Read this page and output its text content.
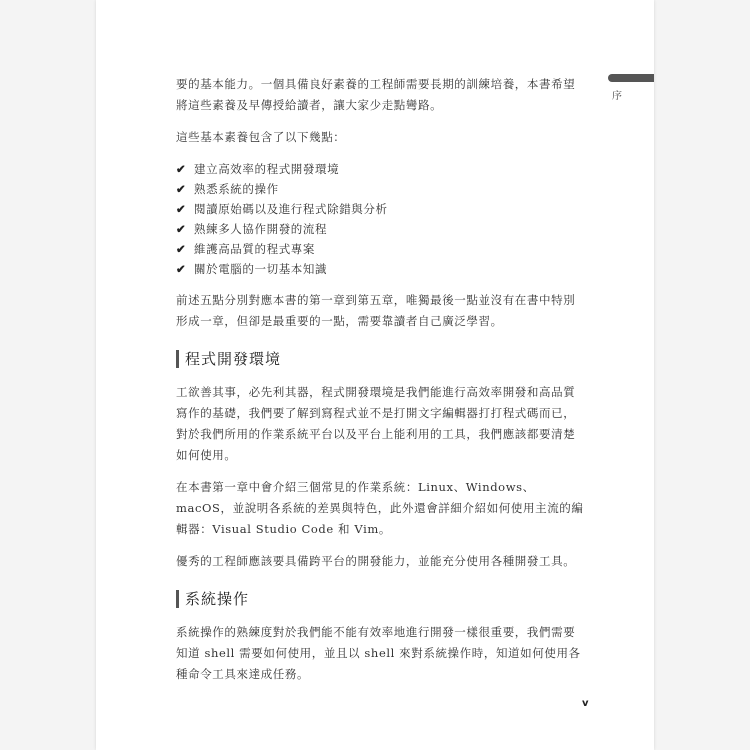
序

要的基本能力。一個具備良好素養的工程師需要長期的訓練培養，本書希望將這些素養及早傳授給讀者，讓大家少走點彎路。

這些基本素養包含了以下幾點：

✔ 建立高效率的程式開發環境
✔ 熟悉系統的操作
✔ 閱讀原始碼以及進行程式除錯與分析
✔ 熟練多人協作開發的流程
✔ 維護高品質的程式專案
✔ 關於電腦的一切基本知識

前述五點分別對應本書的第一章到第五章，唯獨最後一點並沒有在書中特別形成一章，但卻是最重要的一點，需要靠讀者自己廣泛學習。

程式開發環境

工欲善其事，必先利其器，程式開發環境是我們能進行高效率開發和高品質寫作的基礎，我們要了解到寫程式並不是打開文字編輯器打打程式碼而已，對於我們所用的作業系統平台以及平台上能利用的工具，我們應該都要清楚如何使用。

在本書第一章中會介紹三個常見的作業系統：Linux、Windows、macOS，並說明各系統的差異與特色，此外還會詳細介紹如何使用主流的編輯器：Visual Studio Code 和 Vim。

優秀的工程師應該要具備跨平台的開發能力，並能充分使用各種開發工具。

系統操作

系統操作的熟練度對於我們能不能有效率地進行開發一樣很重要，我們需要知道 shell 需要如何使用，並且以 shell 來對系統操作時，知道如何使用各種命令工具來達成任務。

v
